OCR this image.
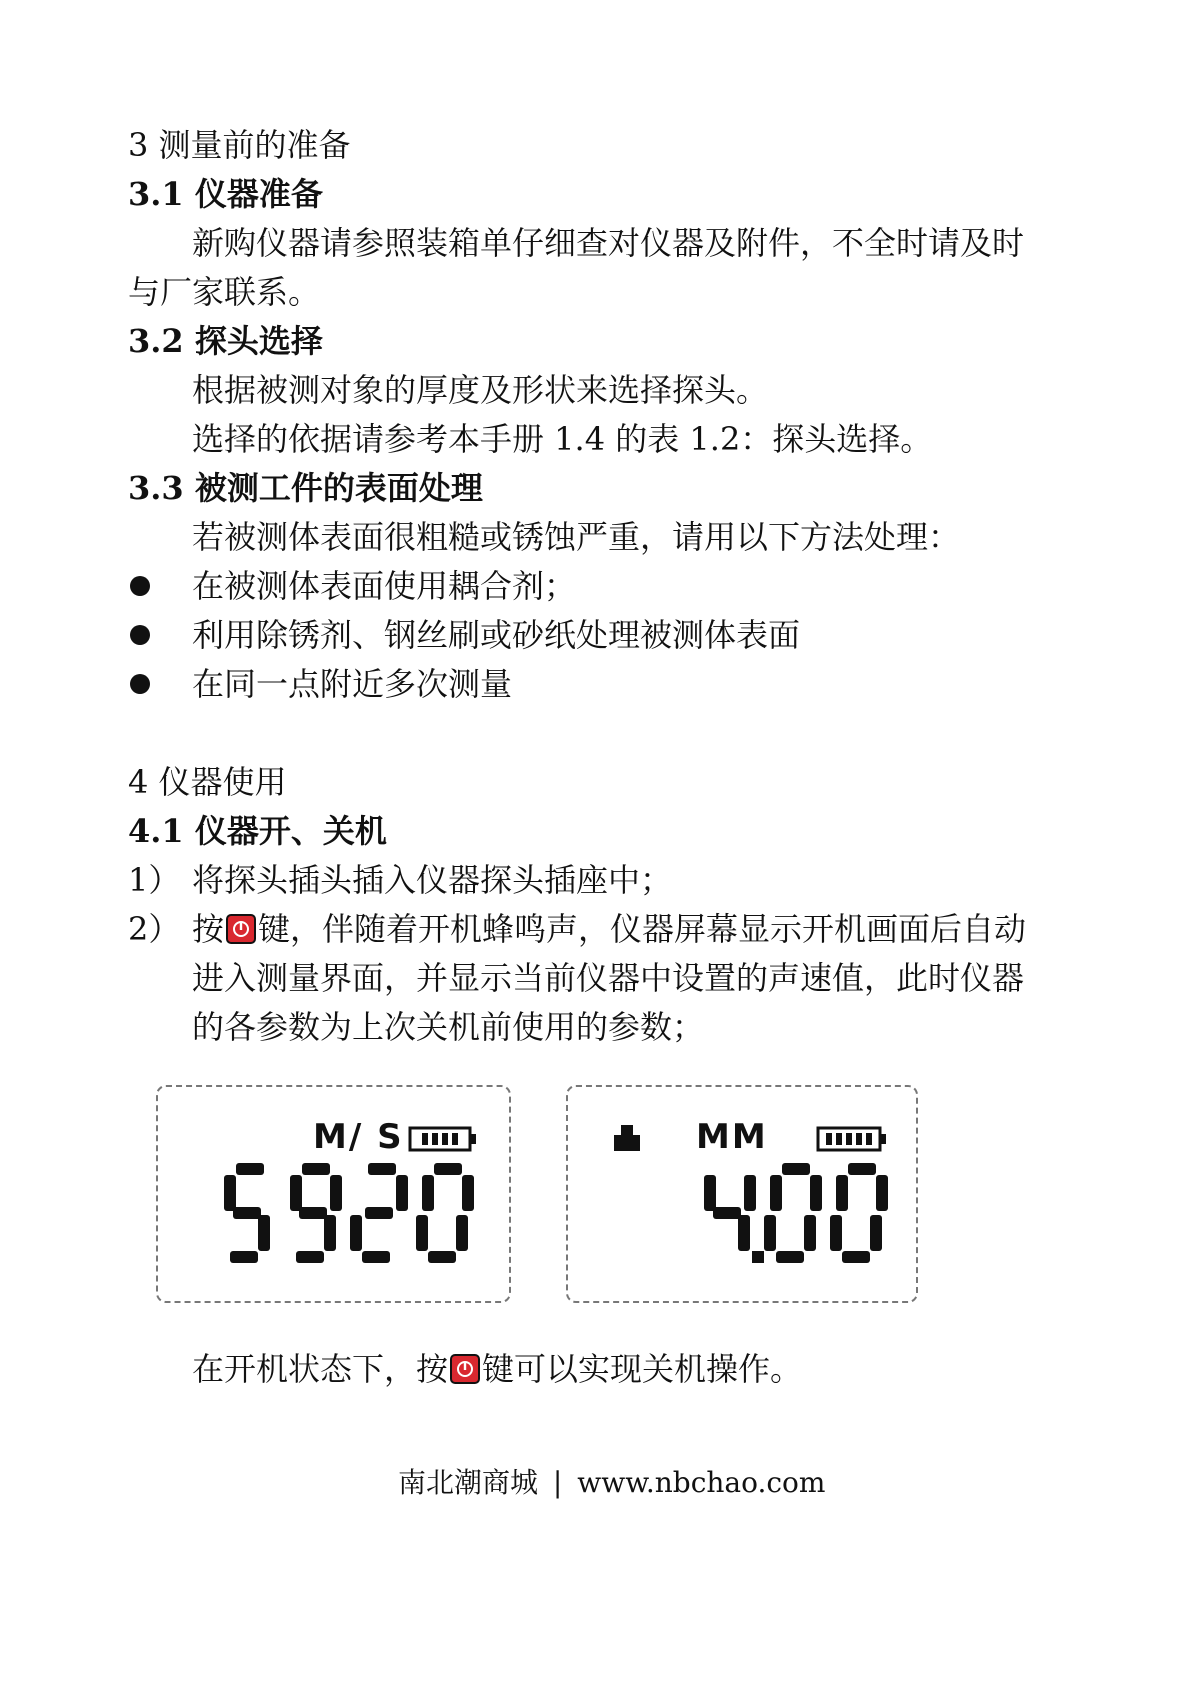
3 测量前的准备
3.1 仪器准备
新购仪器请参照装箱单仔细查对仪器及附件，不全时请及时
与厂家联系。
3.2 探头选择
根据被测对象的厚度及形状来选择探头。
选择的依据请参考本手册 1.4 的表 1.2：探头选择。
3.3 被测工件的表面处理
若被测体表面很粗糙或锈蚀严重，请用以下方法处理：
在被测体表面使用耦合剂；
利用除锈剂、钢丝刷或砂纸处理被测体表面
在同一点附近多次测量
4 仪器使用
4.1 仪器开、关机
1） 将探头插头插入仪器探头插座中；
2） 按 键，伴随着开机蜂鸣声，仪器屏幕显示开机画面后自动
进入测量界面，并显示当前仪器中设置的声速值，此时仪器
的各参数为上次关机前使用的参数；
M/ S	MM
在开机状态下，按 键可以实现关机操作。
南北潮商城 | www.nbchao.com
